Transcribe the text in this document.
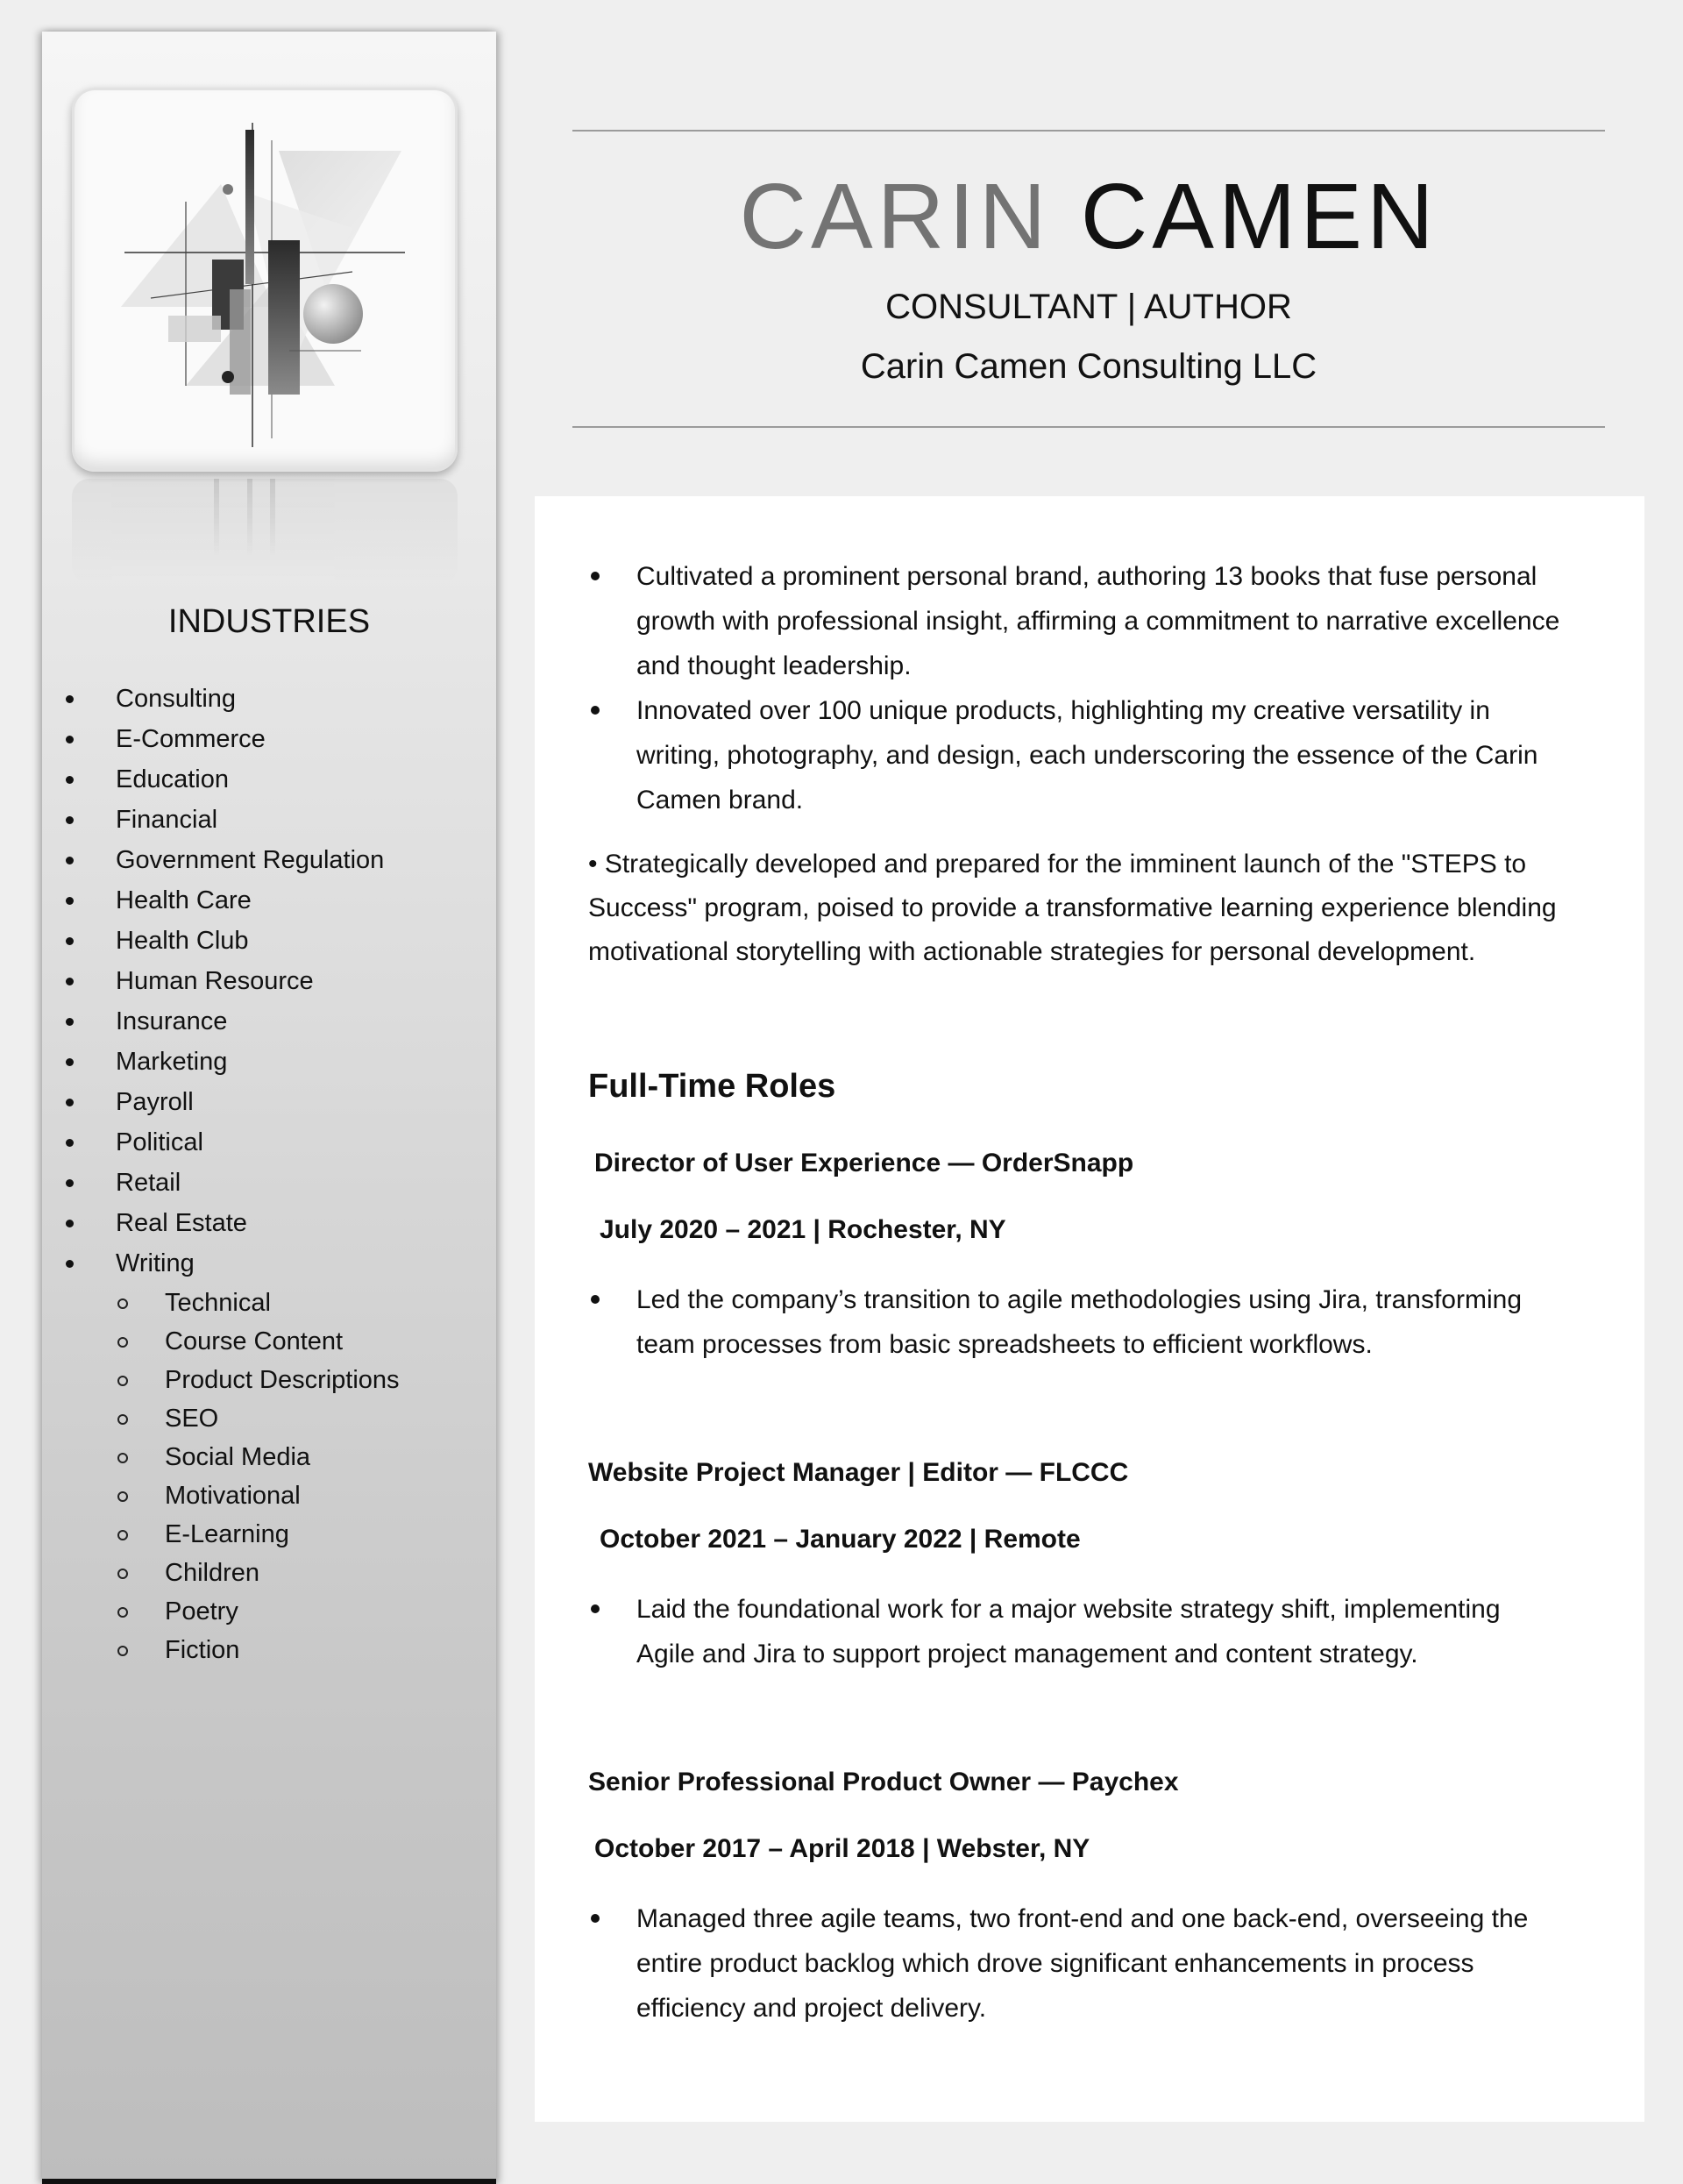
INDUSTRIES
Consulting
E-Commerce
Education
Financial
Government Regulation
Health Care
Health Club
Human Resource
Insurance
Marketing
Payroll
Political
Retail
Real Estate
Writing
Technical
Course Content
Product Descriptions
SEO
Social Media
Motivational
E-Learning
Children
Poetry
Fiction
CARIN CAMEN
CONSULTANT | AUTHOR
Carin Camen Consulting LLC
Cultivated a prominent personal brand, authoring 13 books that fuse personal
growth with professional insight, affirming a commitment to narrative excellence
and thought leadership.
Innovated over 100 unique products, highlighting my creative versatility in
writing, photography, and design, each underscoring the essence of the Carin
Camen brand.
• Strategically developed and prepared for the imminent launch of the "STEPS to
Success" program, poised to provide a transformative learning experience blending
motivational storytelling with actionable strategies for personal development.
Full-Time Roles
Director of User Experience — OrderSnapp
July 2020 – 2021 | Rochester, NY
Led the company’s transition to agile methodologies using Jira, transforming
team processes from basic spreadsheets to efficient workflows.
Website Project Manager | Editor — FLCCC
October 2021 – January 2022 | Remote
Laid the foundational work for a major website strategy shift, implementing
Agile and Jira to support project management and content strategy.
Senior Professional Product Owner — Paychex
October 2017 – April 2018 | Webster, NY
Managed three agile teams, two front-end and one back-end, overseeing the
entire product backlog which drove significant enhancements in process
efficiency and project delivery.
